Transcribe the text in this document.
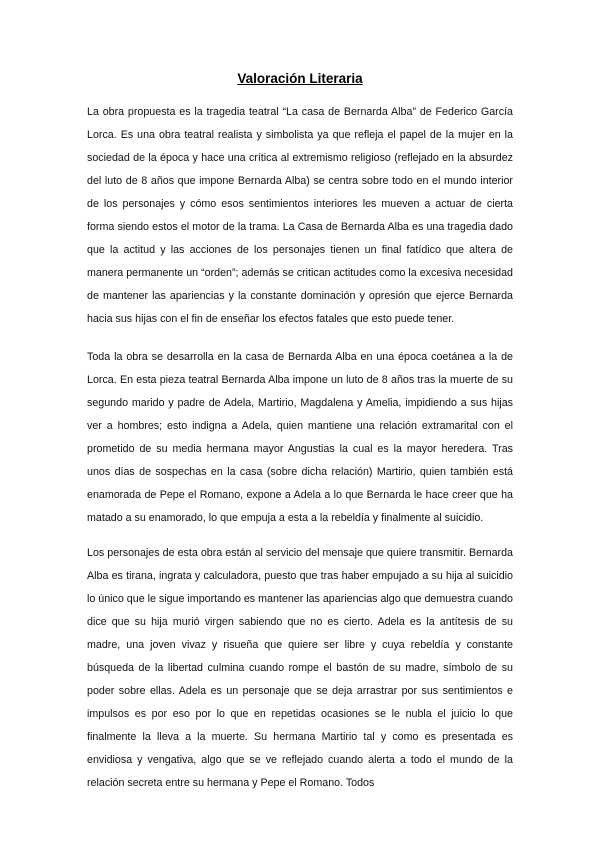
Valoración Literaria

La obra propuesta es la tragedia teatral “La casa de Bernarda Alba” de Federico García Lorca. Es una obra teatral realista y simbolista ya que refleja el papel de la mujer en la sociedad de la época y hace una crítica al extremismo religioso (reflejado en la absurdez del luto de 8 años que impone Bernarda Alba) se centra sobre todo en el mundo interior de los personajes y cómo esos sentimientos interiores les mueven a actuar de cierta forma siendo estos el motor de la trama. La Casa de Bernarda Alba es una tragedia dado que la actitud y las acciones de los personajes tienen un final fatídico que altera de manera permanente un “orden”; además se critican actitudes como la excesiva necesidad de mantener las apariencias y la constante dominación y opresión que ejerce Bernarda hacia sus hijas con el fin de enseñar los efectos fatales que esto puede tener.

Toda la obra se desarrolla en la casa de Bernarda Alba en una época coetánea a la de Lorca. En esta pieza teatral Bernarda Alba impone un luto de 8 años tras la muerte de su segundo marido y padre de Adela, Martirio, Magdalena y Amelia, impidiendo a sus hijas ver a hombres; esto indigna a Adela, quien mantiene una relación extramarital con el prometido de su media hermana mayor Angustias la cual es la mayor heredera. Tras unos días de sospechas en la casa (sobre dicha relación) Martirio, quien también está enamorada de Pepe el Romano, expone a Adela a lo que Bernarda le hace creer que ha matado a su enamorado, lo que empuja a esta a la rebeldía y finalmente al suicidio.

Los personajes de esta obra están al servicio del mensaje que quiere transmitir. Bernarda Alba es tirana, ingrata y calculadora, puesto que tras haber empujado a su hija al suicidio lo único que le sigue importando es mantener las apariencias algo que demuestra cuando dice que su hija murió virgen sabiendo que no es cierto. Adela es la antítesis de su madre, una joven vivaz y risueña que quiere ser libre y cuya rebeldía y constante búsqueda de la libertad culmina cuando rompe el bastón de su madre, símbolo de su poder sobre ellas. Adela es un personaje que se deja arrastrar por sus sentimientos e impulsos es por eso por lo que en repetidas ocasiones se le nubla el juicio lo que finalmente la lleva a la muerte. Su hermana Martirio tal y como es presentada es envidiosa y vengativa, algo que se ve reflejado cuando alerta a todo el mundo de la relación secreta entre su hermana y Pepe el Romano. Todos
